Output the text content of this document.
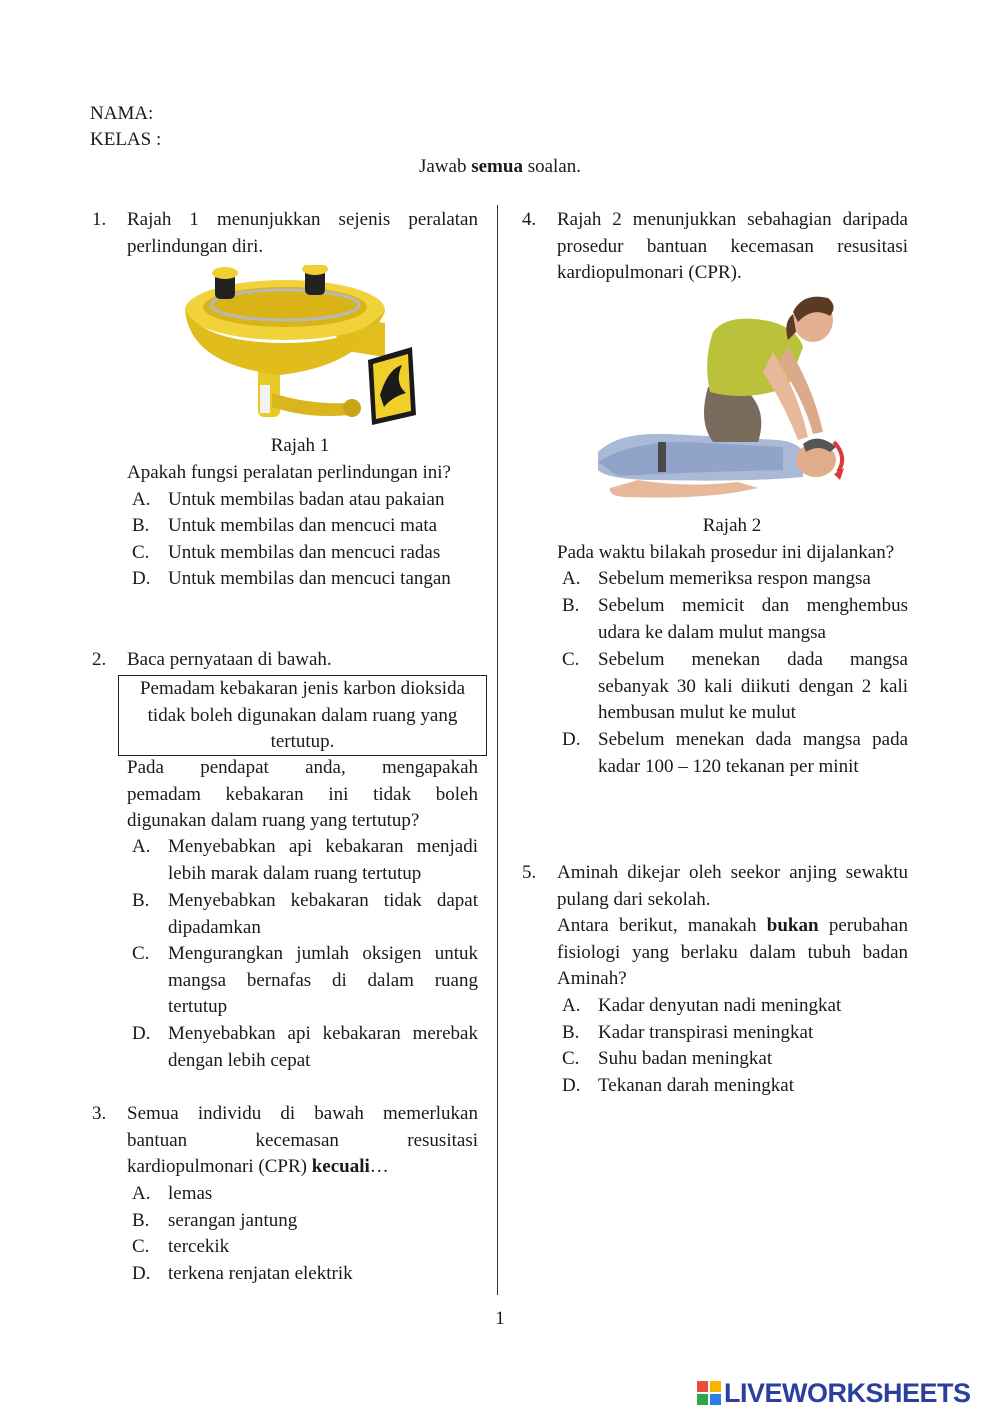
NAMA:
KELAS :
Jawab semua soalan.
1. Rajah 1 menunjukkan sejenis peralatan
perlindungan diri.
Rajah 1
Apakah fungsi peralatan perlindungan ini?
A. Untuk membilas badan atau pakaian
B. Untuk membilas dan mencuci mata
C. Untuk membilas dan mencuci radas
D. Untuk membilas dan mencuci tangan
2. Baca pernyataan di bawah.
Pemadam kebakaran jenis karbon dioksida
tidak boleh digunakan dalam ruang yang
tertutup.
Pada pendapat anda, mengapakah
pemadam kebakaran ini tidak boleh
digunakan dalam ruang yang tertutup?
A. Menyebabkan api kebakaran menjadi
lebih marak dalam ruang tertutup
B. Menyebabkan kebakaran tidak dapat
dipadamkan
C. Mengurangkan jumlah oksigen untuk
mangsa bernafas di dalam ruang
tertutup
D. Menyebabkan api kebakaran merebak
dengan lebih cepat
3. Semua individu di bawah memerlukan
bantuan kecemasan resusitasi
kardiopulmonari (CPR) kecuali…
A. lemas
B. serangan jantung
C. tercekik
D. terkena renjatan elektrik
4. Rajah 2 menunjukkan sebahagian daripada
prosedur bantuan kecemasan resusitasi
kardiopulmonari (CPR).
Rajah 2
Pada waktu bilakah prosedur ini dijalankan?
A. Sebelum memeriksa respon mangsa
B. Sebelum memicit dan menghembus
udara ke dalam mulut mangsa
C. Sebelum menekan dada mangsa
sebanyak 30 kali diikuti dengan 2 kali
hembusan mulut ke mulut
D. Sebelum menekan dada mangsa pada
kadar 100 – 120 tekanan per minit
5. Aminah dikejar oleh seekor anjing sewaktu
pulang dari sekolah.
Antara berikut, manakah bukan perubahan
fisiologi yang berlaku dalam tubuh badan
Aminah?
A. Kadar denyutan nadi meningkat
B. Kadar transpirasi meningkat
C. Suhu badan meningkat
D. Tekanan darah meningkat
1
LIVEWORKSHEETS
